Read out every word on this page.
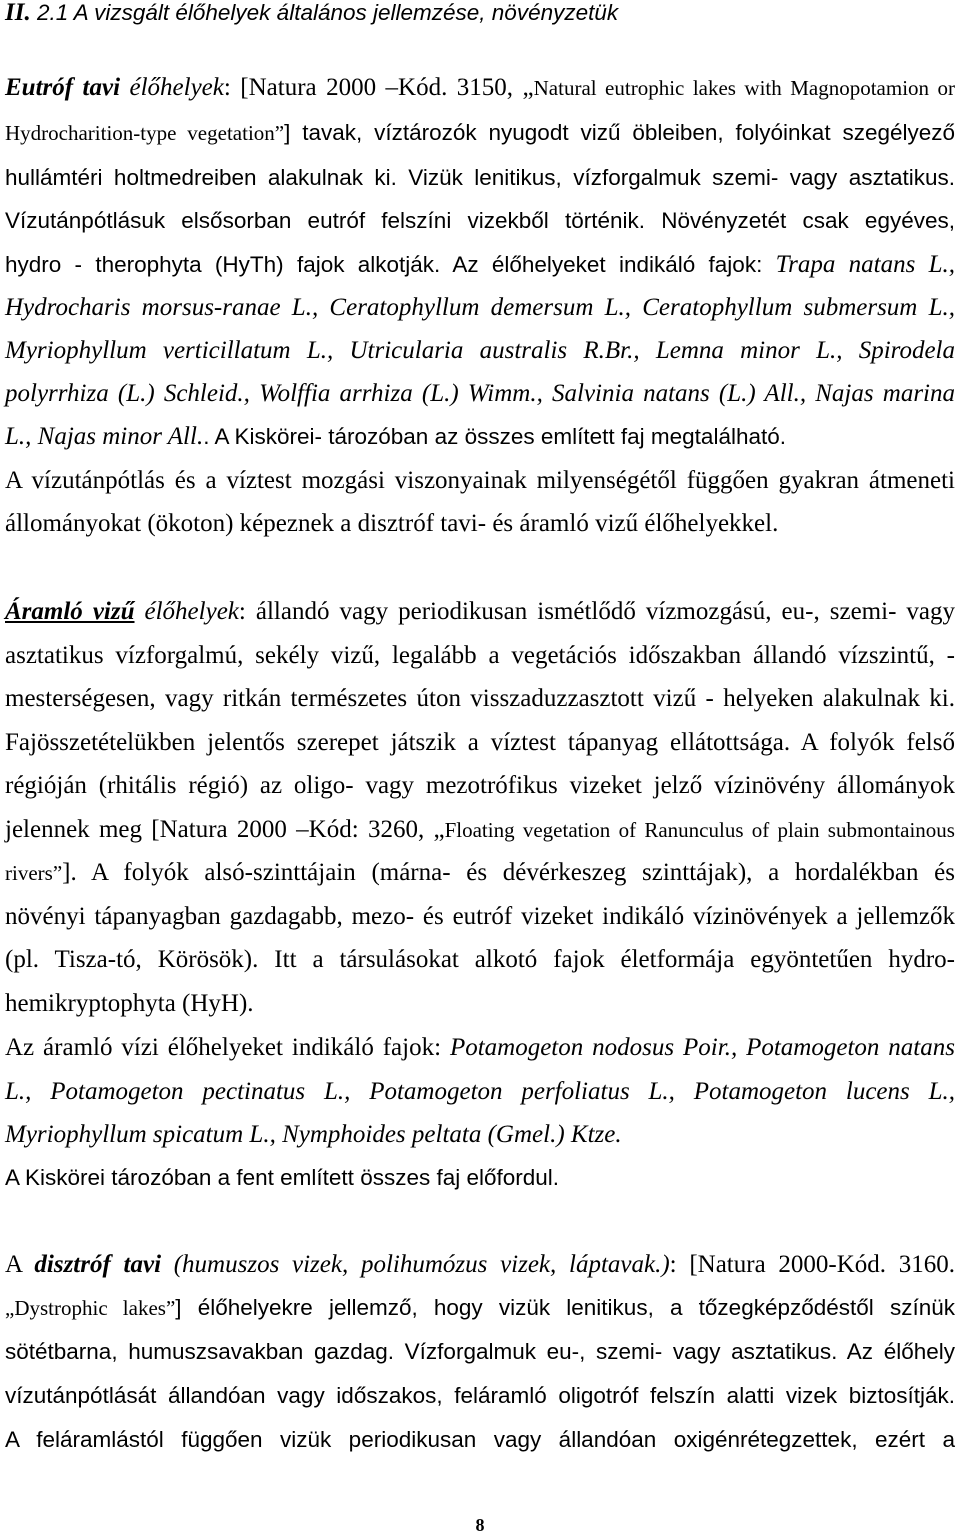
II. 2.1 A vizsgált élőhelyek általános jellemzése, növényzetük
Eutróf tavi élőhelyek: [Natura 2000 –Kód. 3150, „Natural eutrophic lakes with Magnopotamion or
Hydrocharition-type vegetation”] tavak, víztározók nyugodt vizű öbleiben, folyóinkat szegélyező
hullámtéri holtmedreiben alakulnak ki. Vizük lenitikus, vízforgalmuk szemi- vagy asztatikus.
Vízutánpótlásuk elsősorban eutróf felszíni vizekből történik. Növényzetét csak egyéves,
hydro - therophyta (HyTh) fajok alkotják. Az élőhelyeket indikáló fajok: Trapa natans L.,
Hydrocharis morsus-ranae L., Ceratophyllum demersum L., Ceratophyllum submersum L.,
Myriophyllum verticillatum L., Utricularia australis R.Br., Lemna minor L., Spirodela
polyrrhiza (L.) Schleid., Wolffia arrhiza (L.) Wimm., Salvinia natans (L.) All., Najas marina
L., Najas minor All.. A Kiskörei- tározóban az összes említett faj megtalálható.
A vízutánpótlás és a víztest mozgási viszonyainak milyenségétől függően gyakran átmeneti
állományokat (ökoton) képeznek a disztróf tavi- és áramló vizű élőhelyekkel.
Áramló vizű élőhelyek: állandó vagy periodikusan ismétlődő vízmozgású, eu-, szemi- vagy
asztatikus vízforgalmú, sekély vizű, legalább a vegetációs időszakban állandó vízszintű, -
mesterségesen, vagy ritkán természetes úton visszaduzzasztott vizű - helyeken alakulnak ki.
Fajösszetételükben jelentős szerepet játszik a víztest tápanyag ellátottsága. A folyók felső
régióján (rhitális régió) az oligo- vagy mezotrófikus vizeket jelző vízinövény állományok
jelennek meg [Natura 2000 –Kód: 3260, „Floating vegetation of Ranunculus of plain submontainous
rivers”]. A folyók alsó-szinttájain (márna- és dévérkeszeg szinttájak), a hordalékban és
növényi tápanyagban gazdagabb, mezo- és eutróf vizeket indikáló vízinövények a jellemzők
(pl. Tisza-tó, Körösök). Itt a társulásokat alkotó fajok életformája egyöntetűen hydro-
hemikryptophyta (HyH).
Az áramló vízi élőhelyeket indikáló fajok: Potamogeton nodosus Poir., Potamogeton natans
L., Potamogeton pectinatus L., Potamogeton perfoliatus L., Potamogeton lucens L.,
Myriophyllum spicatum L., Nymphoides peltata (Gmel.) Ktze.
A Kiskörei tározóban a fent említett összes faj előfordul.
A disztróf tavi (humuszos vizek, polihumózus vizek, láptavak.): [Natura 2000-Kód. 3160.
„Dystrophic lakes”] élőhelyekre jellemző, hogy vizük lenitikus, a tőzegképződéstől színük
sötétbarna, humuszsavakban gazdag. Vízforgalmuk eu-, szemi- vagy asztatikus. Az élőhely
vízutánpótlását állandóan vagy időszakos, feláramló oligotróf felszín alatti vizek biztosítják.
A feláramlástól függően vizük periodikusan vagy állandóan oxigénrétegzettek, ezért a
8
